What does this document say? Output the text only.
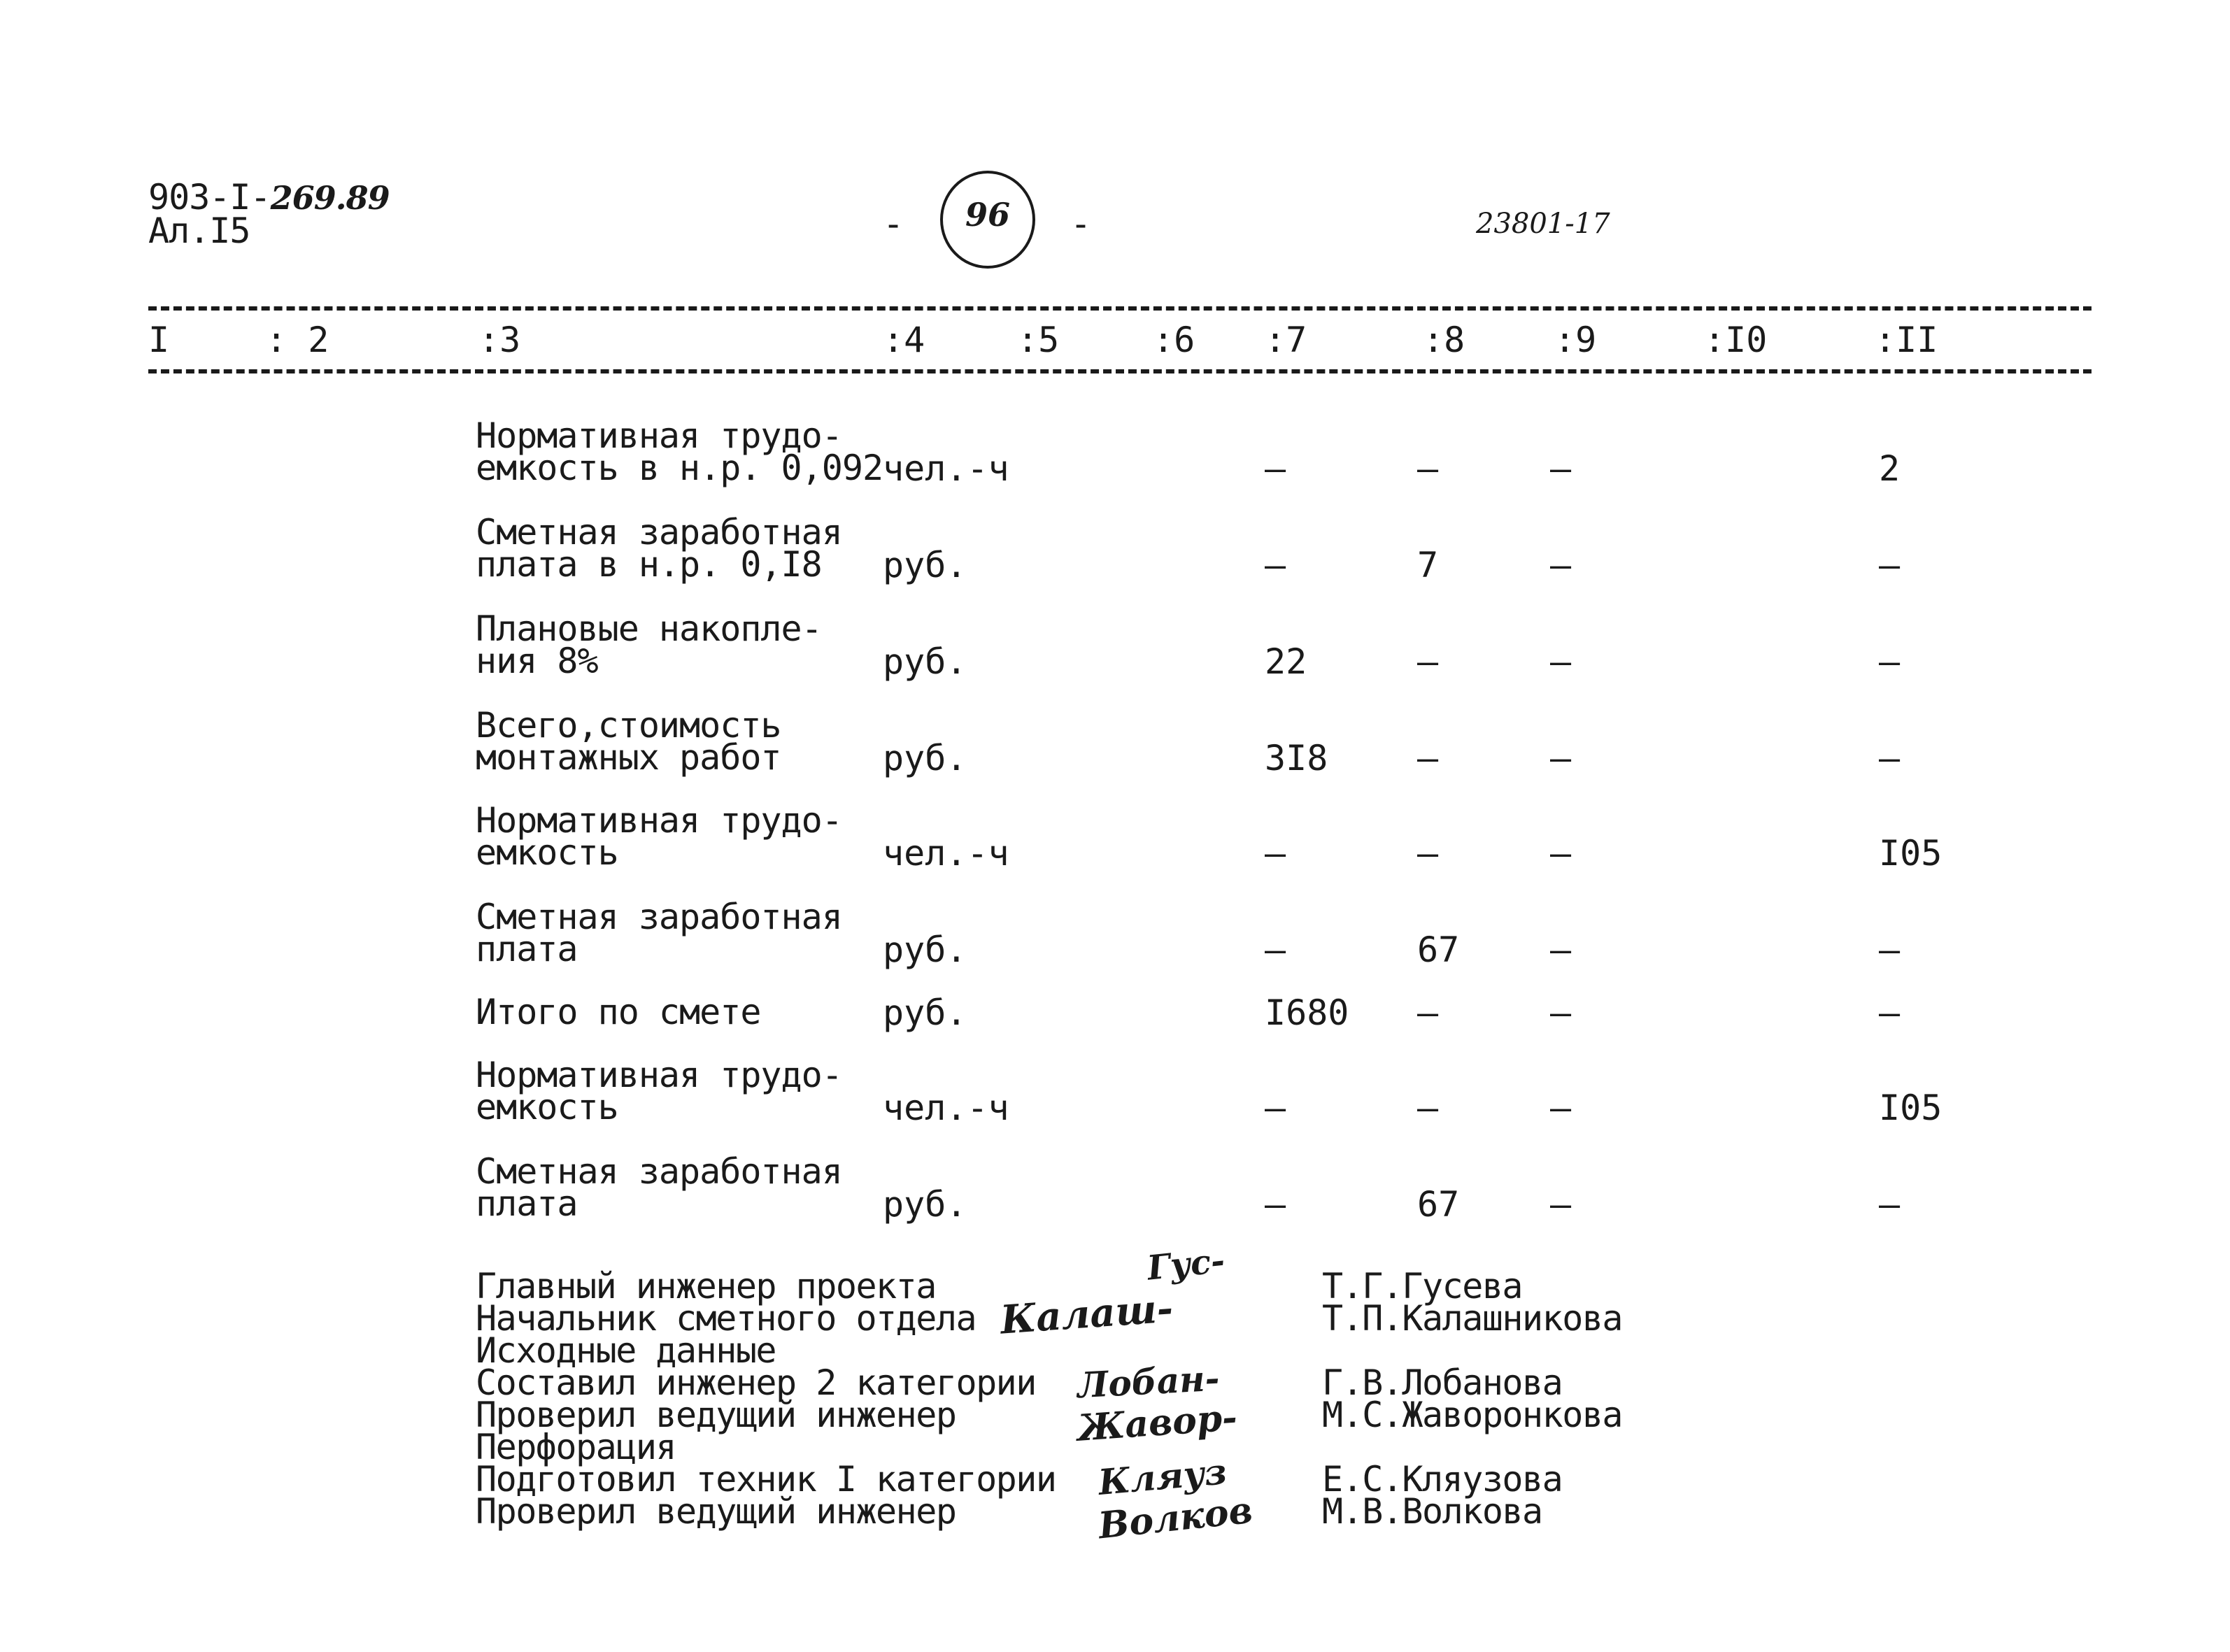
903-I-269.89
Ал.I5	-	96	-	23801-17
I	: 2	:3	:4	:5	:6 :7	:8	:9	:I0	:II
Нормативная трудо-
емкость в н.р. 0,092 чел.-ч	–	–	–	2
Сметная заработная
плата в н.р. 0,I8 руб.	–	7	–	–
Плановые накопле-
ния 8%	руб.	22	–	–	–
Всего,стоимость
монтажных работ	руб.	3I8	–	–	–
Нормативная трудо-
емкость	чел.-ч	–	–	–	I05
Сметная заработная
плата	руб.	–	67	–	–
Итого по смете	руб.	I680 –	–	–
Нормативная трудо-
емкость	чел.-ч	–	–	–	I05
Сметная заработная
плата	руб.	–	67	–	–
Главный инженер проекта
Начальник сметного отдела
Исходные данные
Составил инженер 2 категории
Проверил ведущий инженер
Перфорация
Подготовил техник I категории
Проверил ведущий инженер
Гус-
Калаш-
Лобан-
Жавор-
Кляуз
Волков
Т.Г.Гусева
Т.П.Калашникова
Г.В.Лобанова
М.С.Жаворонкова
Е.С.Кляузова
М.В.Волкова
